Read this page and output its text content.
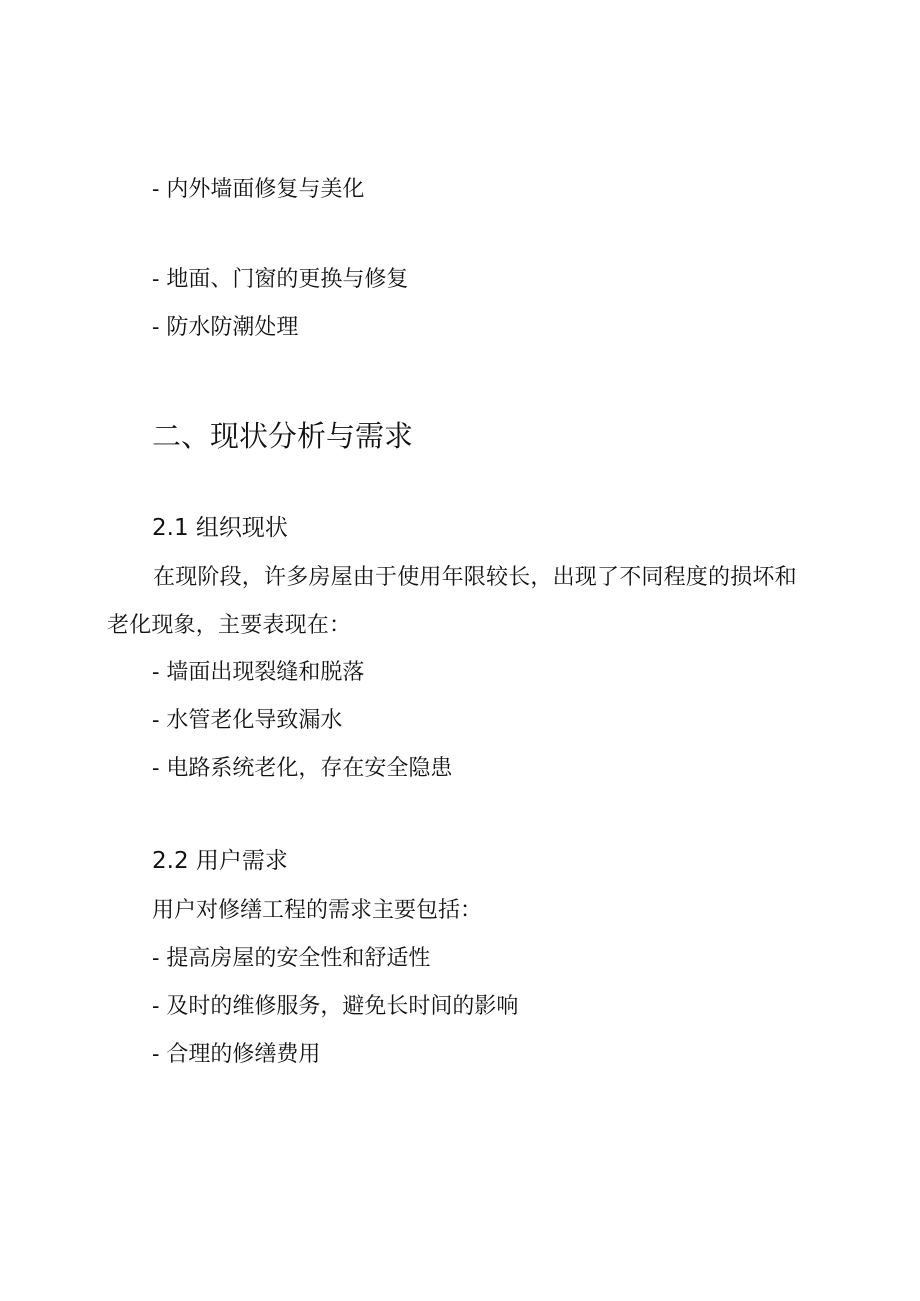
- 内外墙面修复与美化
- 地面、门窗的更换与修复
- 防水防潮处理
二、现状分析与需求
2.1 组织现状
在现阶段，许多房屋由于使用年限较长，出现了不同程度的损坏和老化现象，主要表现在：
- 墙面出现裂缝和脱落
- 水管老化导致漏水
- 电路系统老化，存在安全隐患
2.2 用户需求
用户对修缮工程的需求主要包括：
- 提高房屋的安全性和舒适性
- 及时的维修服务，避免长时间的影响
- 合理的修缮费用
